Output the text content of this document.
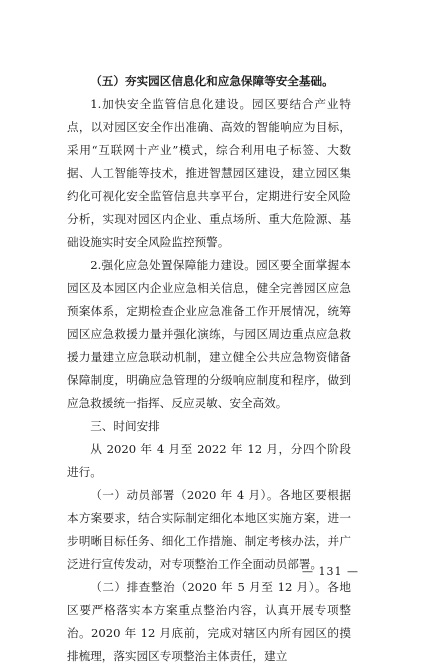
（五）夯实园区信息化和应急保障等安全基础。

1.加快安全监管信息化建设。园区要结合产业特点，以对园区安全作出准确、高效的智能响应为目标，采用“互联网十产业”模式，综合利用电子标签、大数据、人工智能等技术，推进智慧园区建设，建立园区集约化可视化安全监管信息共享平台，定期进行安全风险分析，实现对园区内企业、重点场所、重大危险源、基础设施实时安全风险监控预警。

2.强化应急处置保障能力建设。园区要全面掌握本园区及本园区内企业应急相关信息，健全完善园区应急预案体系，定期检查企业应急准备工作开展情况，统筹园区应急救援力量并强化演练，与园区周边重点应急救援力量建立应急联动机制，建立健全公共应急物资储备保障制度，明确应急管理的分级响应制度和程序，做到应急救援统一指挥、反应灵敏、安全高效。

三、时间安排

从 2020 年 4 月至 2022 年 12 月，分四个阶段进行。

（一）动员部署（2020 年 4 月）。各地区要根据本方案要求，结合实际制定细化本地区实施方案，进一步明晰目标任务、细化工作措施、制定考核办法，并广泛进行宣传发动，对专项整治工作全面动员部署。

（二）排查整治（2020 年 5 月至 12 月）。各地区要严格落实本方案重点整治内容，认真开展专项整治。2020 年 12 月底前，完成对辖区内所有园区的摸排梳理，落实园区专项整治主体责任，建立

— 131 —
